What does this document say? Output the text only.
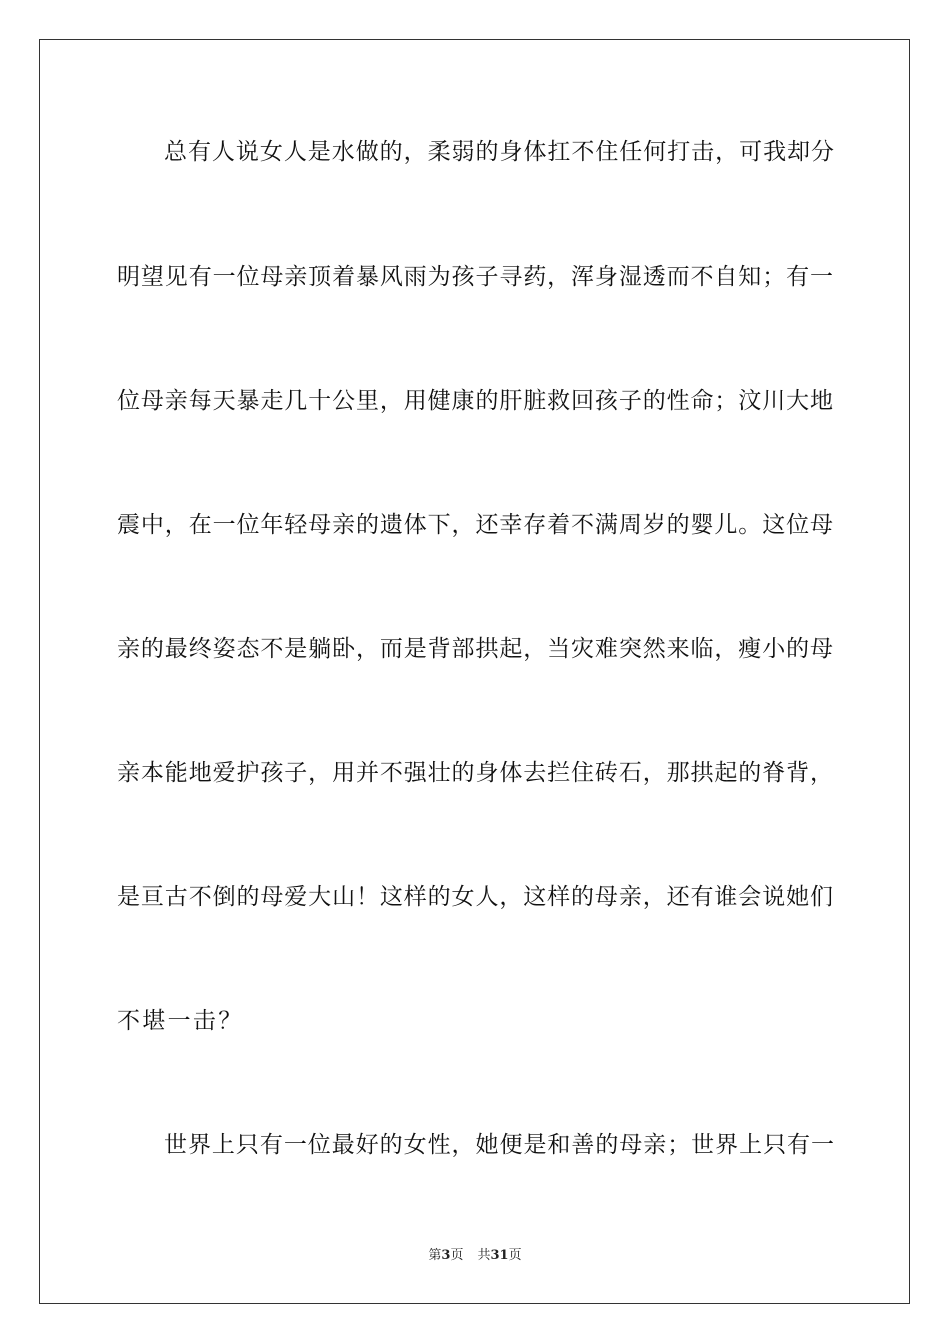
总有人说女人是水做的，柔弱的身体扛不住任何打击，可我却分
明望见有一位母亲顶着暴风雨为孩子寻药，浑身湿透而不自知；有一
位母亲每天暴走几十公里，用健康的肝脏救回孩子的性命；汶川大地
震中，在一位年轻母亲的遗体下，还幸存着不满周岁的婴儿。这位母
亲的最终姿态不是躺卧，而是背部拱起，当灾难突然来临，瘦小的母
亲本能地爱护孩子，用并不强壮的身体去拦住砖石，那拱起的脊背，
是亘古不倒的母爱大山！这样的女人，这样的母亲，还有谁会说她们
不堪一击？
世界上只有一位最好的女性，她便是和善的母亲；世界上只有一
第3页 共31页
